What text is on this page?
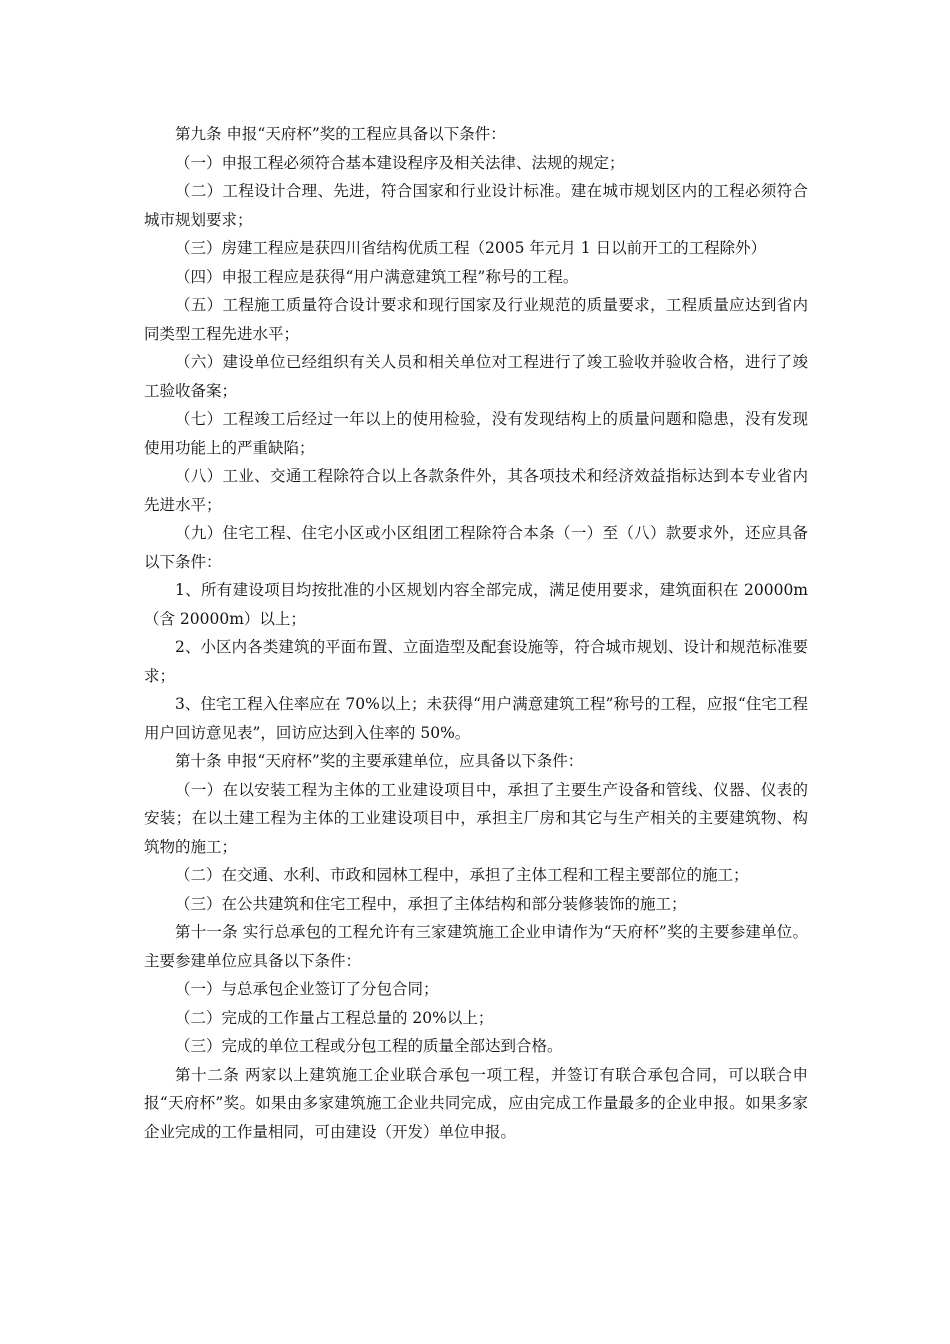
第九条 申报“天府杯”奖的工程应具备以下条件：

（一）申报工程必须符合基本建设程序及相关法律、法规的规定；

（二）工程设计合理、先进，符合国家和行业设计标准。建在城市规划区内的工程必须符合城市规划要求；

（三）房建工程应是获四川省结构优质工程（2005 年元月 1 日以前开工的工程除外）

（四）申报工程应是获得“用户满意建筑工程”称号的工程。

（五）工程施工质量符合设计要求和现行国家及行业规范的质量要求，工程质量应达到省内同类型工程先进水平；

（六）建设单位已经组织有关人员和相关单位对工程进行了竣工验收并验收合格，进行了竣工验收备案；

（七）工程竣工后经过一年以上的使用检验，没有发现结构上的质量问题和隐患，没有发现使用功能上的严重缺陷；

（八）工业、交通工程除符合以上各款条件外，其各项技术和经济效益指标达到本专业省内先进水平；

（九）住宅工程、住宅小区或小区组团工程除符合本条（一）至（八）款要求外，还应具备以下条件：

1、所有建设项目均按批准的小区规划内容全部完成，满足使用要求，建筑面积在 20000m（含 20000m）以上；

2、小区内各类建筑的平面布置、立面造型及配套设施等，符合城市规划、设计和规范标准要求；

3、住宅工程入住率应在 70%以上；未获得“用户满意建筑工程”称号的工程，应报“住宅工程用户回访意见表”，回访应达到入住率的 50%。

第十条 申报“天府杯”奖的主要承建单位，应具备以下条件：

（一）在以安装工程为主体的工业建设项目中，承担了主要生产设备和管线、仪器、仪表的安装；在以土建工程为主体的工业建设项目中，承担主厂房和其它与生产相关的主要建筑物、构筑物的施工；

（二）在交通、水利、市政和园林工程中，承担了主体工程和工程主要部位的施工；

（三）在公共建筑和住宅工程中，承担了主体结构和部分装修装饰的施工；

第十一条 实行总承包的工程允许有三家建筑施工企业申请作为“天府杯”奖的主要参建单位。主要参建单位应具备以下条件：

（一）与总承包企业签订了分包合同；

（二）完成的工作量占工程总量的 20%以上；

（三）完成的单位工程或分包工程的质量全部达到合格。

第十二条 两家以上建筑施工企业联合承包一项工程，并签订有联合承包合同，可以联合申报“天府杯”奖。如果由多家建筑施工企业共同完成，应由完成工作量最多的企业申报。如果多家企业完成的工作量相同，可由建设（开发）单位申报。
